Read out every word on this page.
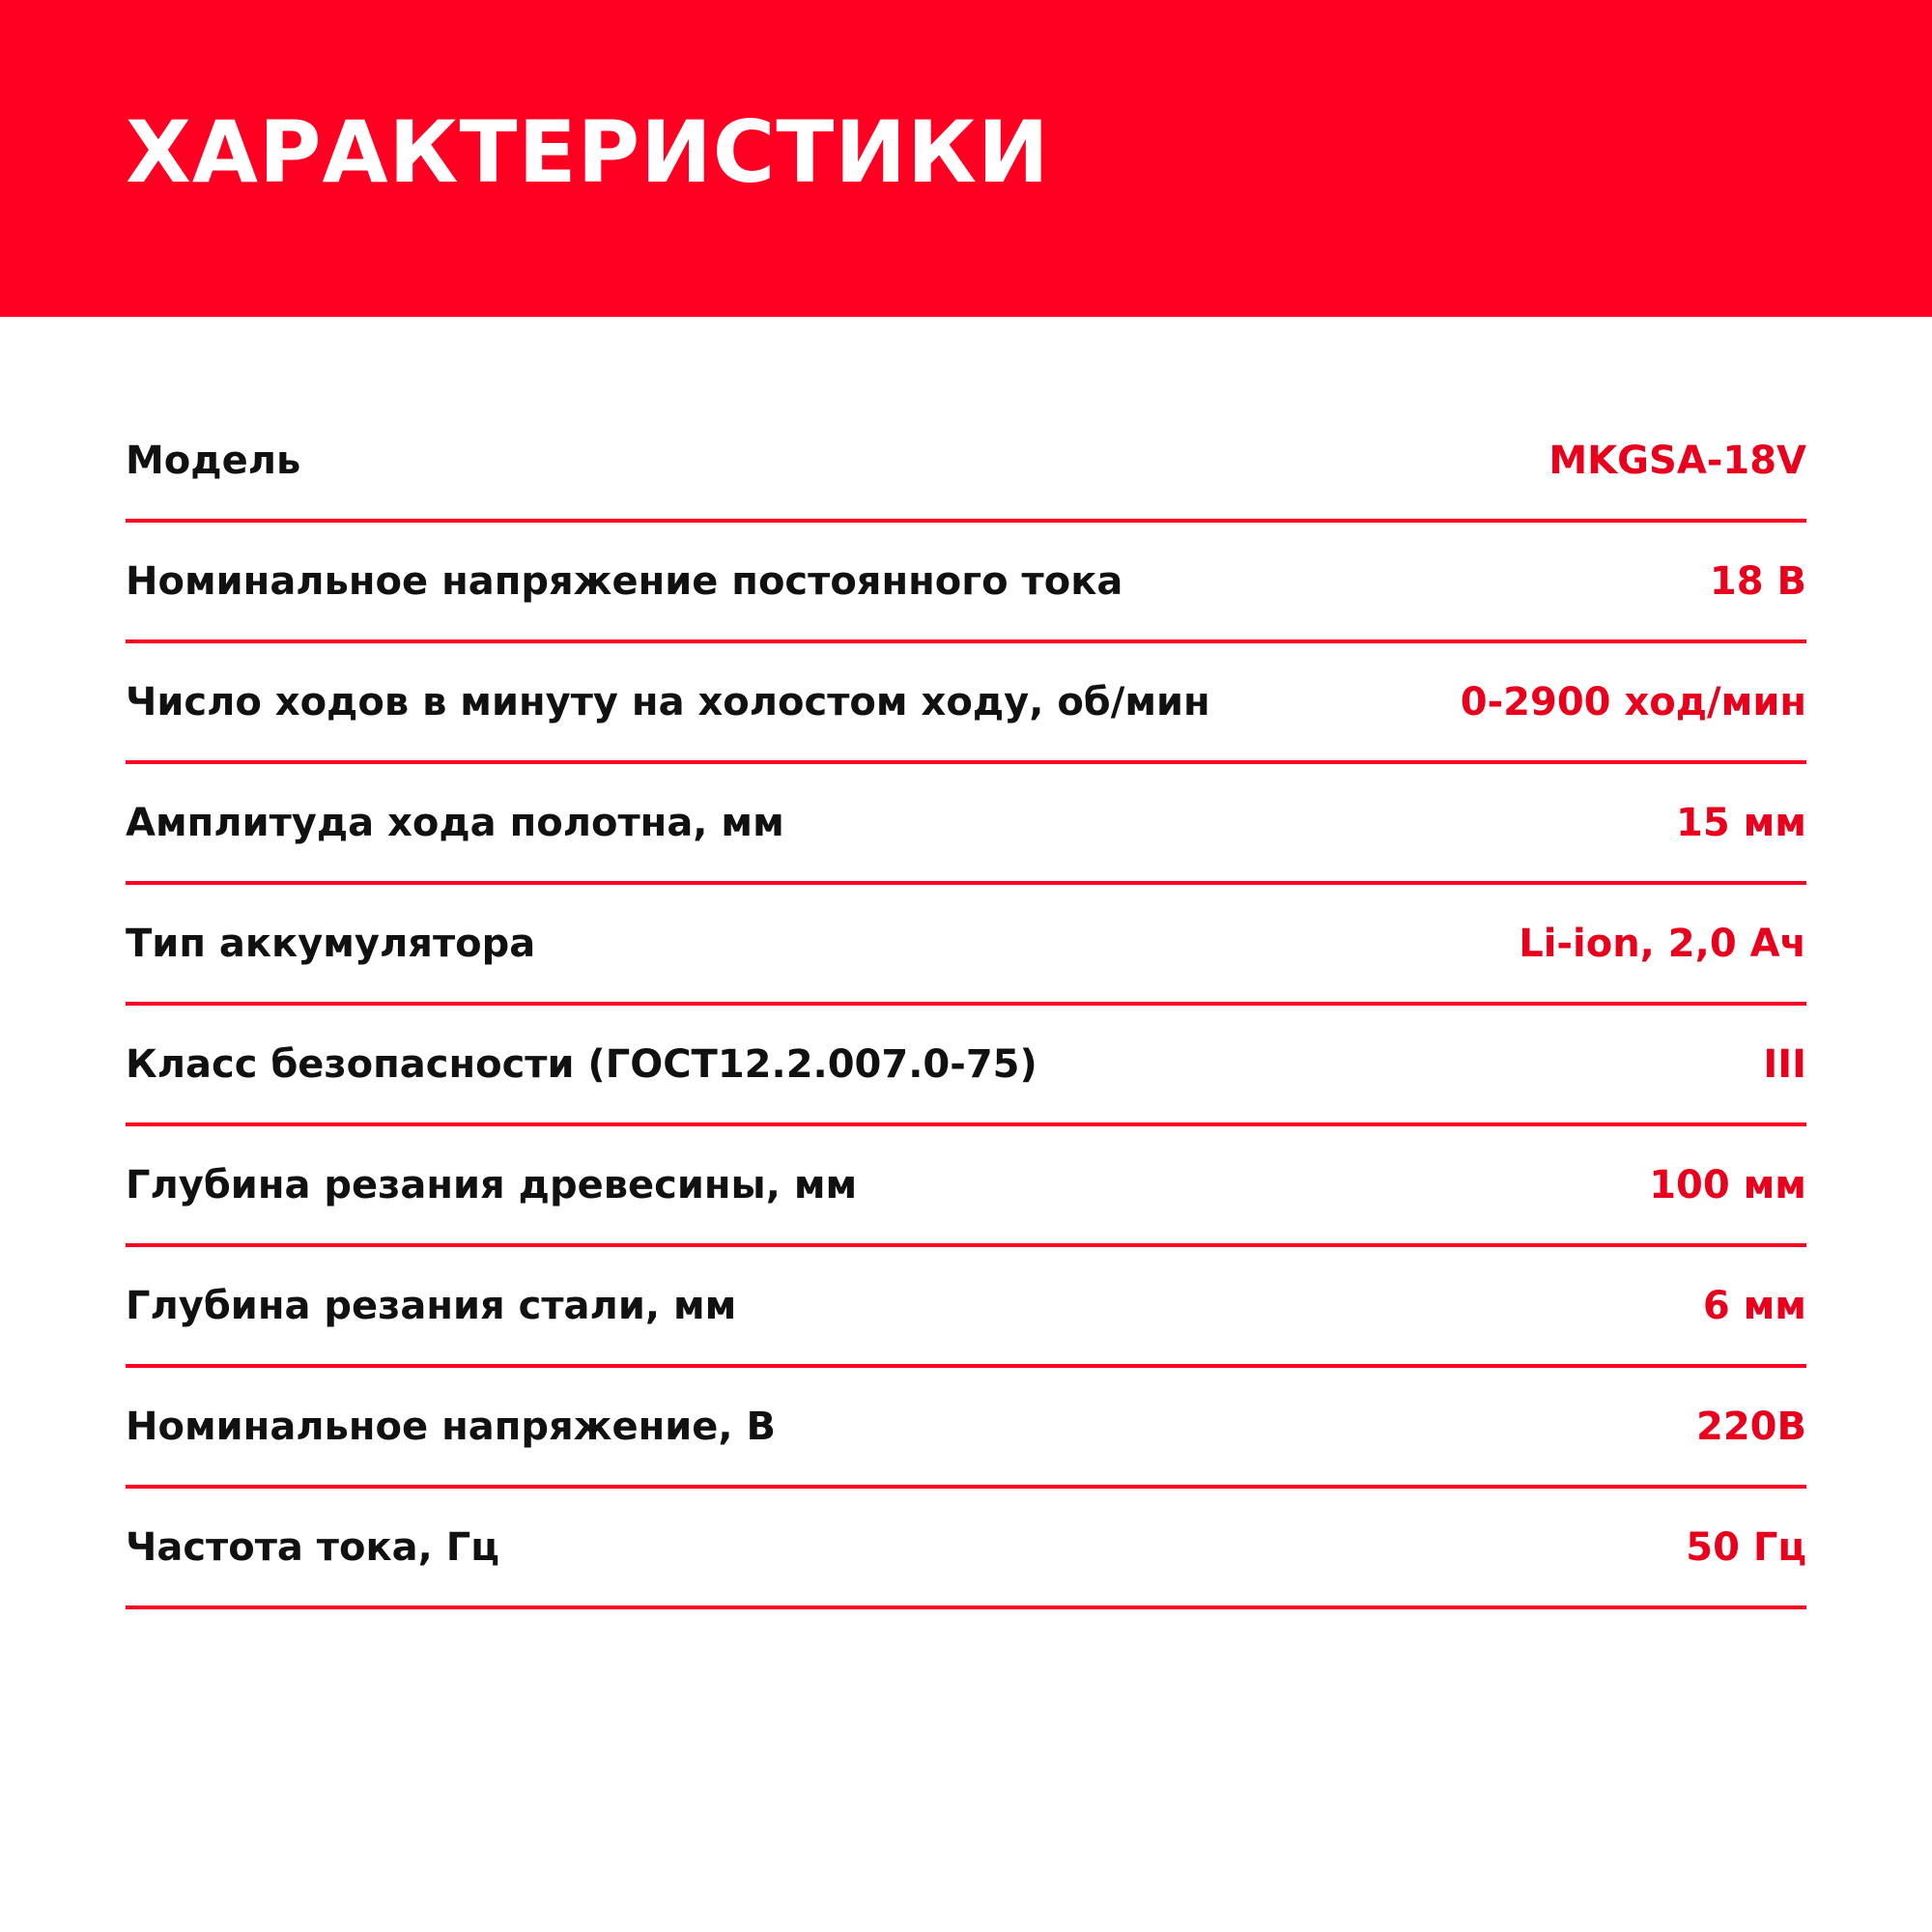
ХАРАКТЕРИСТИКИ
Модель	MKGSA-18V
Номинальное напряжение постоянного тока	18 В
Число ходов в минуту на холостом ходу, об/мин	0-2900 ход/мин
Амплитуда хода полотна, мм	15 мм
Тип аккумулятора	Li-ion, 2,0 Ач
Класс безопасности (ГОСТ12.2.007.0-75)	III
Глубина резания древесины, мм	100 мм
Глубина резания стали, мм	6 мм
Номинальное напряжение, В	220В
Частота тока, Гц	50 Гц
